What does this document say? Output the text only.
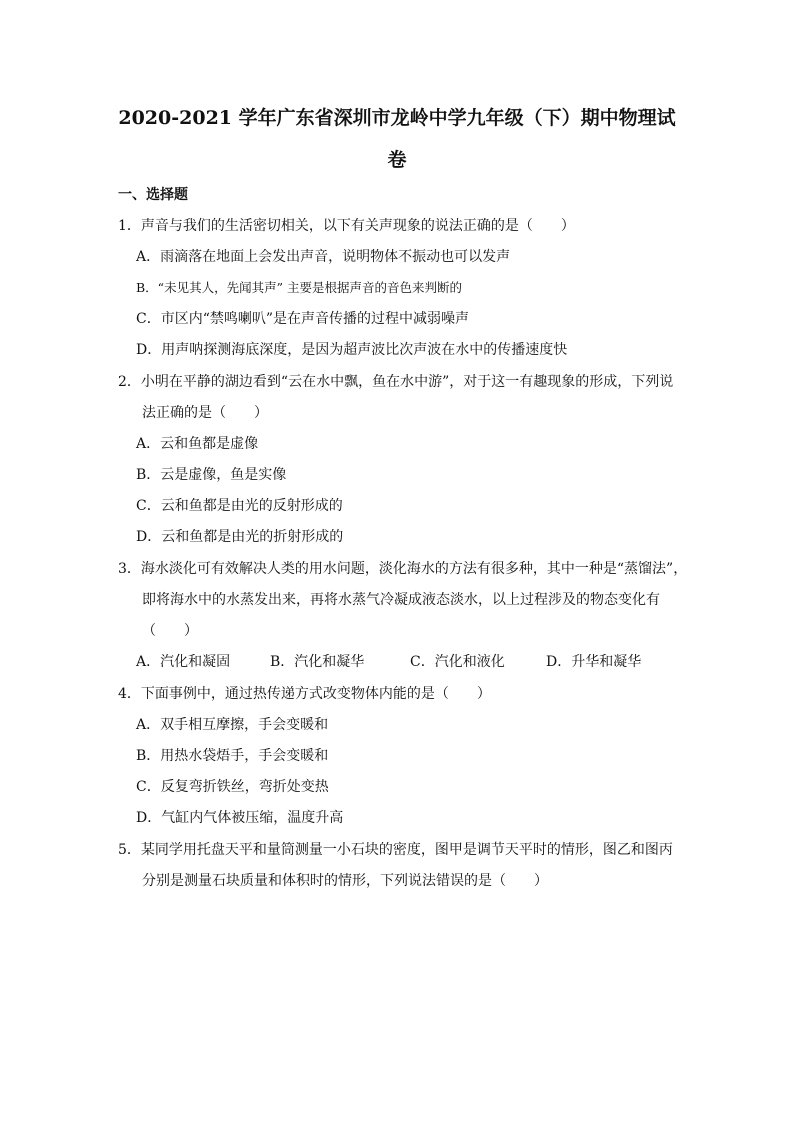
2020-2021 学年广东省深圳市龙岭中学九年级（下）期中物理试
卷
一、选择题
1．声音与我们的生活密切相关，以下有关声现象的说法正确的是（　　）
A．雨滴落在地面上会发出声音，说明物体不振动也可以发声
B．“未见其人，先闻其声” 主要是根据声音的音色来判断的
C．市区内“禁鸣喇叭”是在声音传播的过程中减弱噪声
D．用声呐探测海底深度，是因为超声波比次声波在水中的传播速度快
2．小明在平静的湖边看到“云在水中飘，鱼在水中游”，对于这一有趣现象的形成，下列说
法正确的是（　　）
A．云和鱼都是虚像
B．云是虚像，鱼是实像
C．云和鱼都是由光的反射形成的
D．云和鱼都是由光的折射形成的
3．海水淡化可有效解决人类的用水问题，淡化海水的方法有很多种，其中一种是“蒸馏法”，
即将海水中的水蒸发出来，再将水蒸气冷凝成液态淡水，以上过程涉及的物态变化有
（　　）
A．汽化和凝固	B．汽化和凝华	C．汽化和液化	D．升华和凝华
4．下面事例中，通过热传递方式改变物体内能的是（　　）
A．双手相互摩擦，手会变暖和
B．用热水袋焐手，手会变暖和
C．反复弯折铁丝，弯折处变热
D．气缸内气体被压缩，温度升高
5．某同学用托盘天平和量筒测量一小石块的密度，图甲是调节天平时的情形，图乙和图丙
分别是测量石块质量和体积时的情形，下列说法错误的是（　　）
